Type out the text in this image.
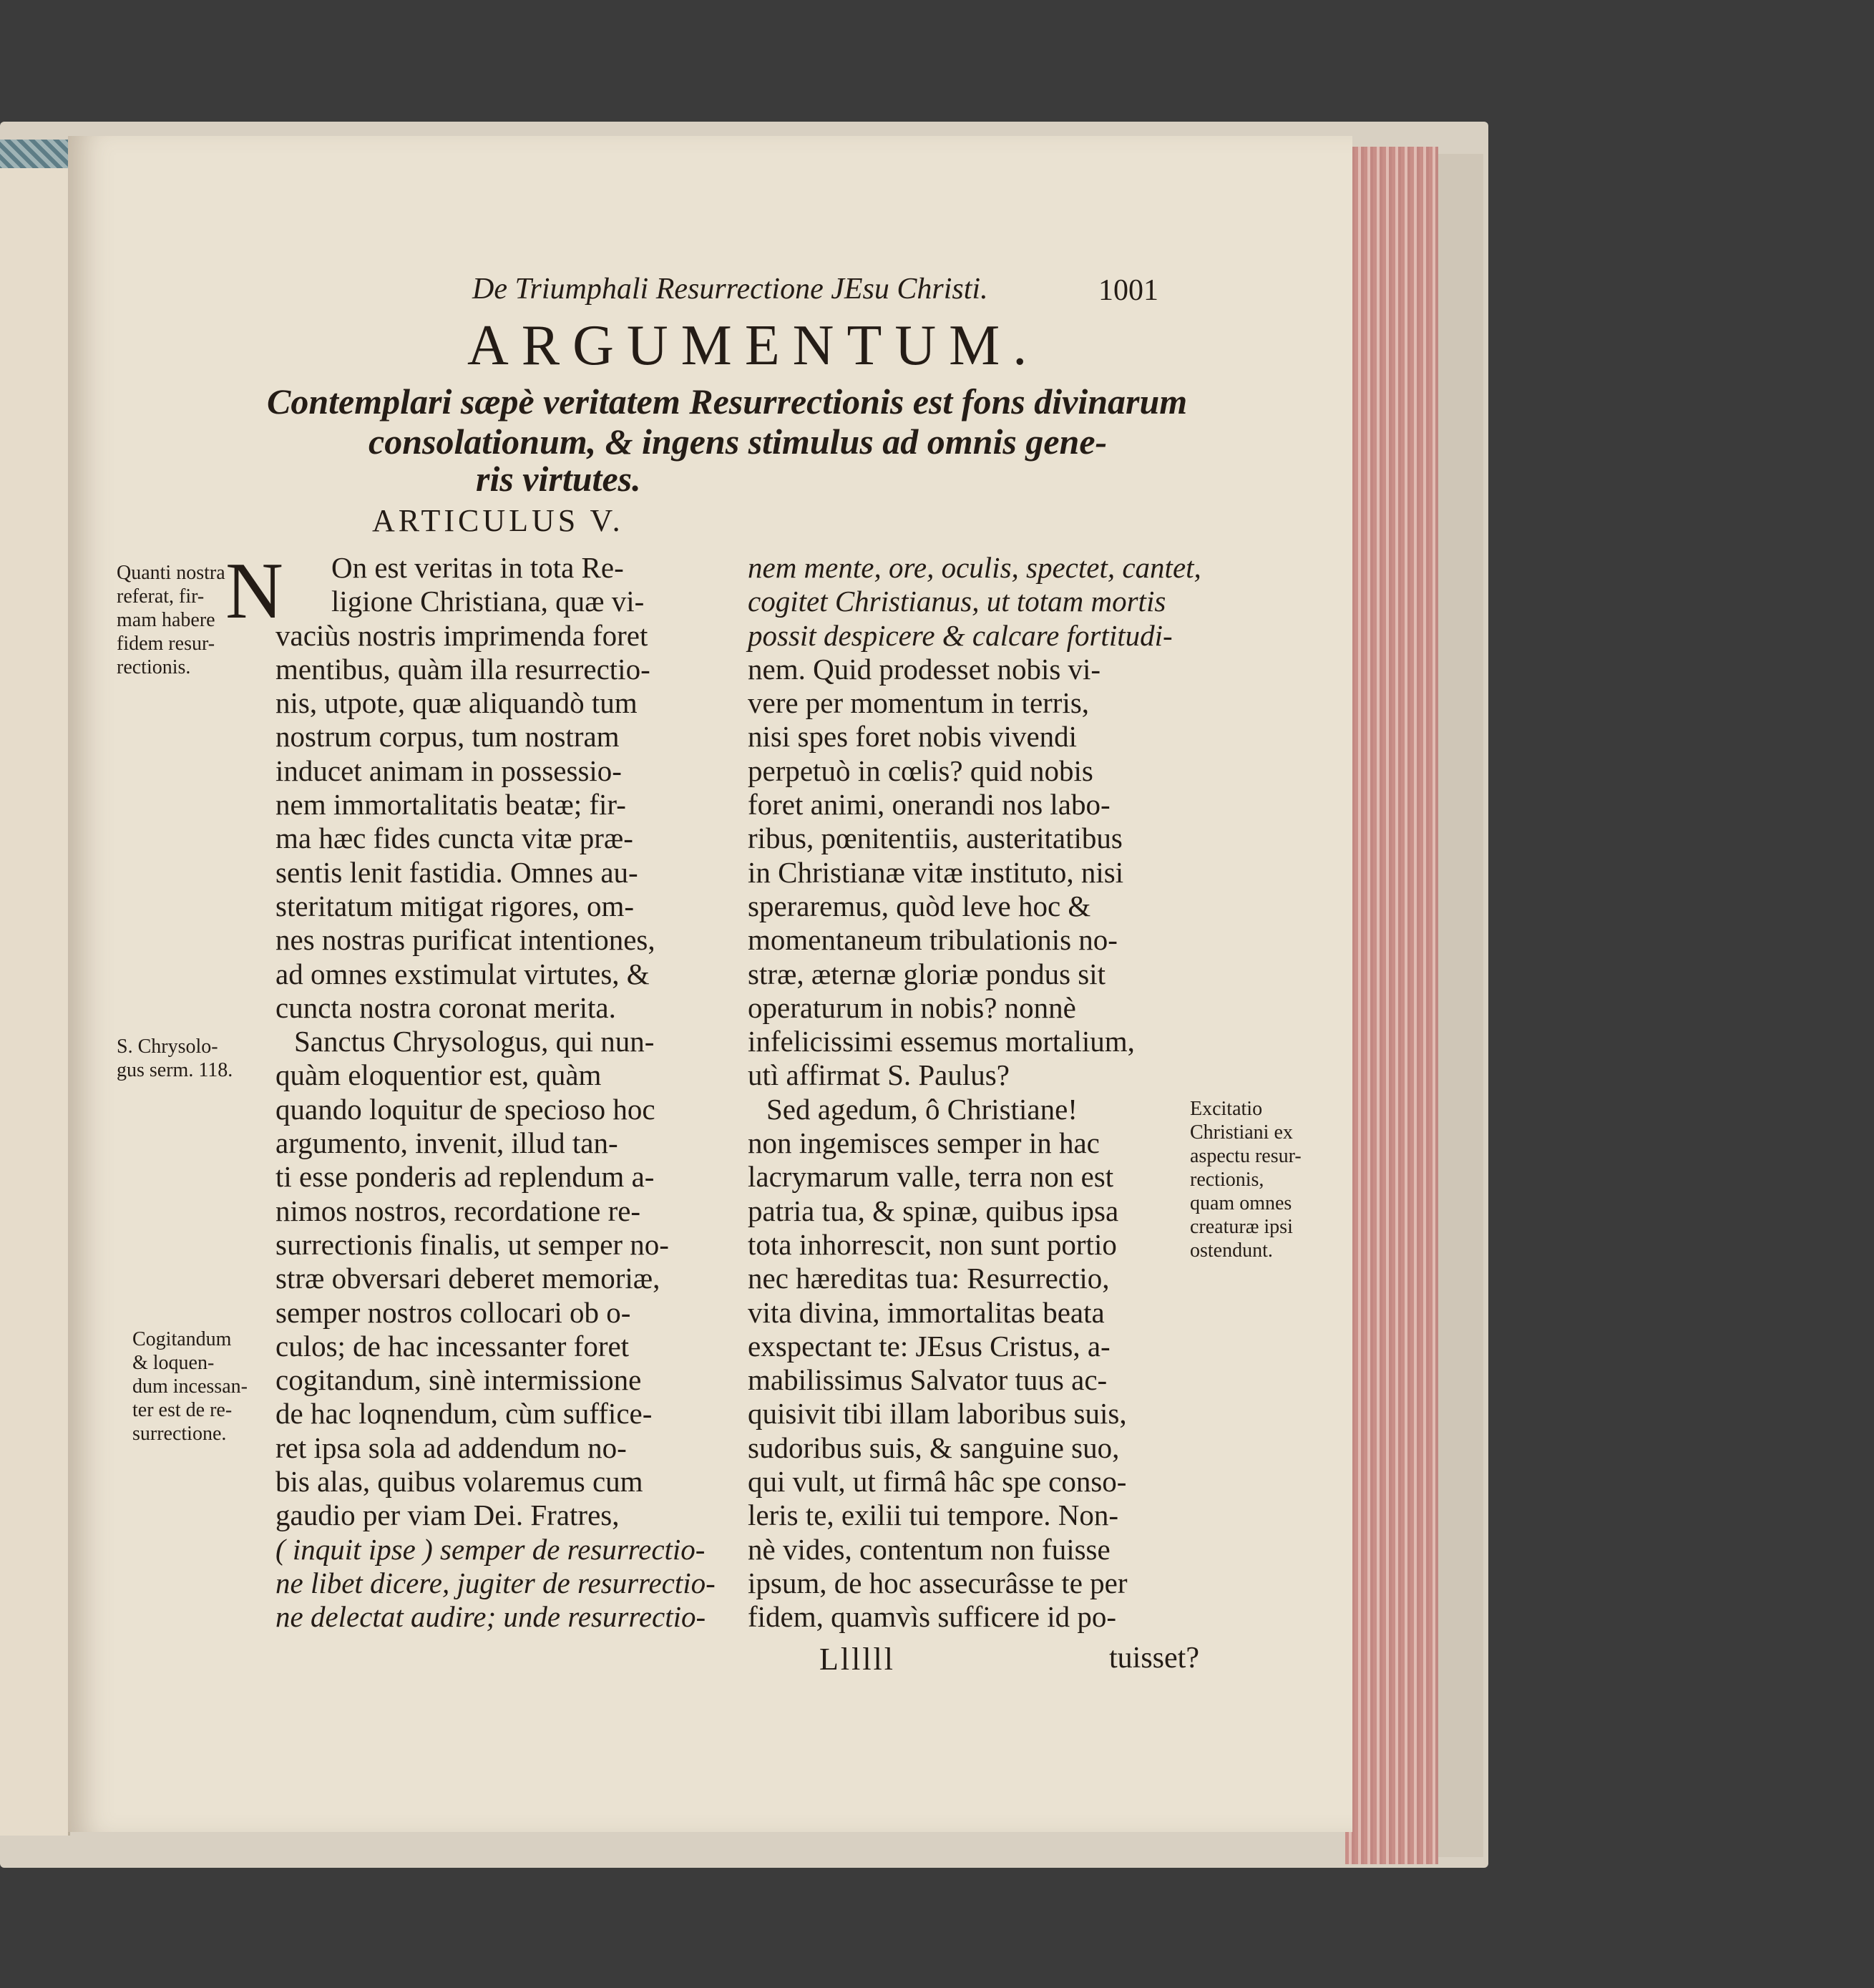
De Triumphali Resurrectione JEsu Christi.	1001
ARGUMENTUM.
Contemplari sæpè veritatem Resurrectionis est fons divinarum
consolationum, & ingens stimulus ad omnis gene-
ris virtutes.
ARTICULUS V.
N
Quanti nostra
referat, fir-
mam habere
fidem resur-
rectionis.
S. Chrysolo-
gus serm. 118.
Cogitandum
& loquen-
dum incessan-
ter est de re-
surrectione.
Excitatio
Christiani ex
aspectu resur-
rectionis,
quam omnes
creaturæ ipsi
ostendunt.
On est veritas in tota Re-
ligione Christiana, quæ vi-
vaciùs nostris imprimenda foret
mentibus, quàm illa resurrectio-
nis, utpote, quæ aliquandò tum
nostrum corpus, tum nostram
inducet animam in possessio-
nem immortalitatis beatæ; fir-
ma hæc fides cuncta vitæ præ-
sentis lenit fastidia. Omnes au-
steritatum mitigat rigores, om-
nes nostras purificat intentiones,
ad omnes exstimulat virtutes, &
cuncta nostra coronat merita.
Sanctus Chrysologus, qui nun-
quàm eloquentior est, quàm
quando loquitur de specioso hoc
argumento, invenit, illud tan-
ti esse ponderis ad replendum a-
nimos nostros, recordatione re-
surrectionis finalis, ut semper no-
stræ obversari deberet memoriæ,
semper nostros collocari ob o-
culos; de hac incessanter foret
cogitandum, sinè intermissione
de hac loqnendum, cùm suffice-
ret ipsa sola ad addendum no-
bis alas, quibus volaremus cum
gaudio per viam Dei. Fratres,
( inquit ipse ) semper de resurrectio-
ne libet dicere, jugiter de resurrectio-
ne delectat audire; unde resurrectio-
nem mente, ore, oculis, spectet, cantet,
cogitet Christianus, ut totam mortis
possit despicere & calcare fortitudi-
nem. Quid prodesset nobis vi-
vere per momentum in terris,
nisi spes foret nobis vivendi
perpetuò in cœlis? quid nobis
foret animi, onerandi nos labo-
ribus, pœnitentiis, austeritatibus
in Christianæ vitæ instituto, nisi
speraremus, quòd leve hoc &
momentaneum tribulationis no-
stræ, æternæ gloriæ pondus sit
operaturum in nobis? nonnè
infelicissimi essemus mortalium,
utì affirmat S. Paulus?
Sed agedum, ô Christiane!
non ingemisces semper in hac
lacrymarum valle, terra non est
patria tua, & spinæ, quibus ipsa
tota inhorrescit, non sunt portio
nec hæreditas tua: Resurrectio,
vita divina, immortalitas beata
exspectant te: JEsus Cristus, a-
mabilissimus Salvator tuus ac-
quisivit tibi illam laboribus suis,
sudoribus suis, & sanguine suo,
qui vult, ut firmâ hâc spe conso-
leris te, exilii tui tempore. Non-
nè vides, contentum non fuisse
ipsum, de hoc assecurâsse te per
fidem, quamvìs sufficere id po-
Llllll	tuisset?
